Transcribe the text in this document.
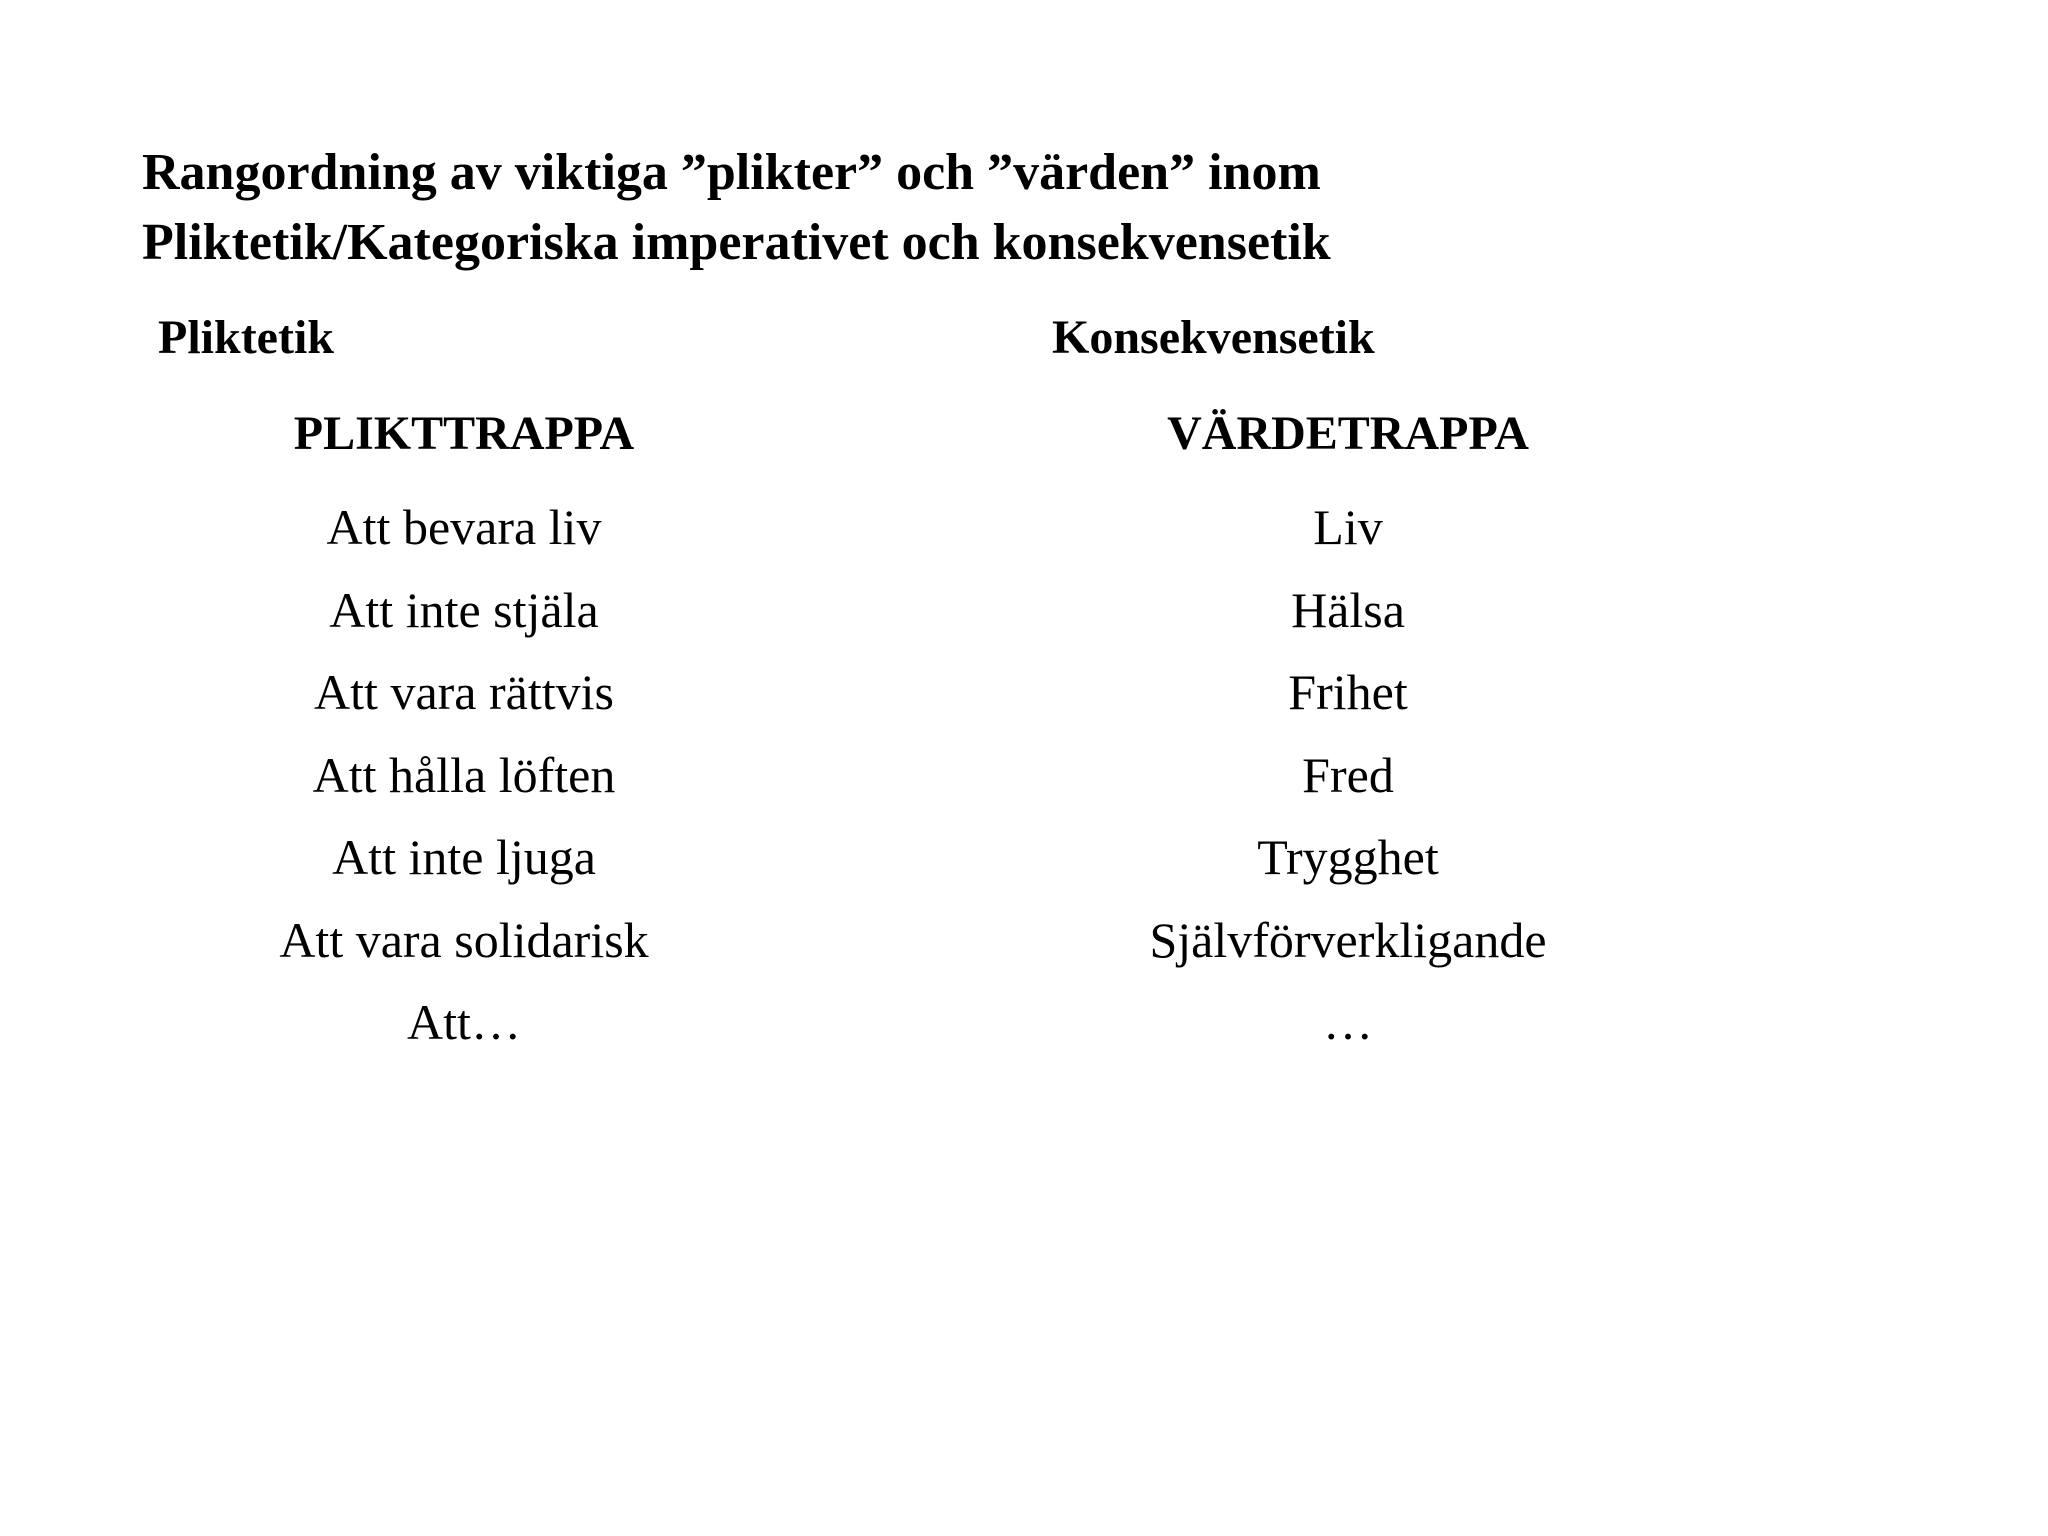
Rangordning av viktiga ”plikter” och ”värden” inom
Pliktetik/Kategoriska imperativet och konsekvensetik
Pliktetik	Konsekvensetik
PLIKTTRAPPA
Att bevara liv
Att inte stjäla
Att vara rättvis
Att hålla löften
Att inte ljuga
Att vara solidarisk
Att…
VÄRDETRAPPA
Liv
Hälsa
Frihet
Fred
Trygghet
Självförverkligande
…
